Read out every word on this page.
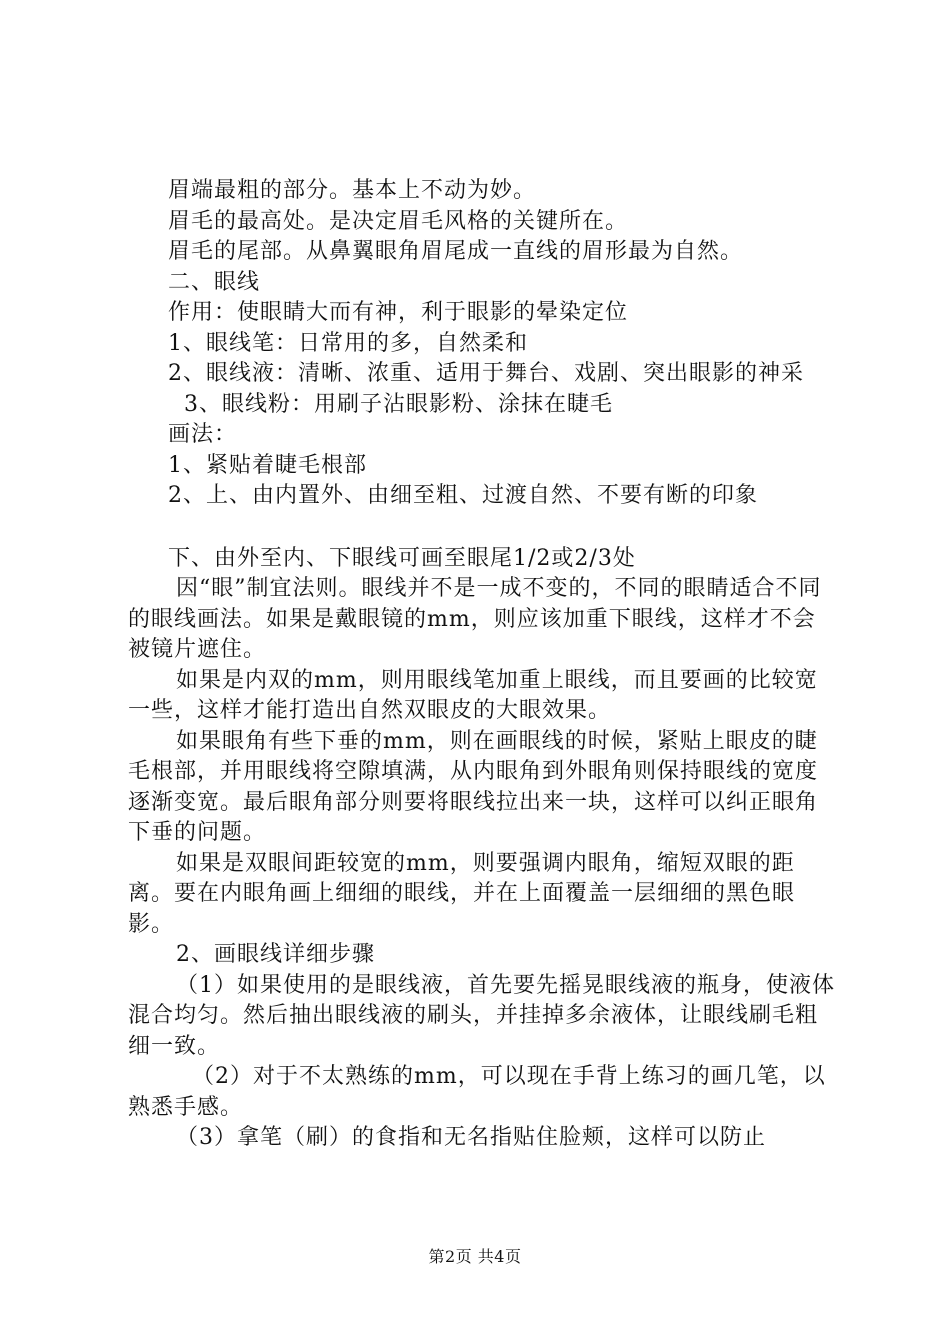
眉端最粗的部分。基本上不动为妙。

眉毛的最高处。是决定眉毛风格的关键所在。

眉毛的尾部。从鼻翼眼角眉尾成一直线的眉形最为自然。

二、眼线

作用：使眼睛大而有神，利于眼影的晕染定位

1、眼线笔：日常用的多，自然柔和

2、眼线液：清晰、浓重、适用于舞台、戏剧、突出眼影的神采

3、眼线粉：用刷子沾眼影粉、涂抹在睫毛

画法：

1、紧贴着睫毛根部

2、上、由内置外、由细至粗、过渡自然、不要有断的印象

下、由外至内、下眼线可画至眼尾1/2或2/3处

因“眼”制宜法则。眼线并不是一成不变的，不同的眼睛适合不同的眼线画法。如果是戴眼镜的mm，则应该加重下眼线，这样才不会被镜片遮住。

如果是内双的mm，则用眼线笔加重上眼线，而且要画的比较宽一些，这样才能打造出自然双眼皮的大眼效果。

如果眼角有些下垂的mm，则在画眼线的时候，紧贴上眼皮的睫毛根部，并用眼线将空隙填满，从内眼角到外眼角则保持眼线的宽度逐渐变宽。最后眼角部分则要将眼线拉出来一块，这样可以纠正眼角下垂的问题。

如果是双眼间距较宽的mm，则要强调内眼角，缩短双眼的距离。要在内眼角画上细细的眼线，并在上面覆盖一层细细的黑色眼影。

2、画眼线详细步骤

（1）如果使用的是眼线液，首先要先摇晃眼线液的瓶身，使液体混合均匀。然后抽出眼线液的刷头，并挂掉多余液体，让眼线刷毛粗细一致。

（2）对于不太熟练的mm，可以现在手背上练习的画几笔，以熟悉手感。

（3）拿笔（刷）的食指和无名指贴住脸颊，这样可以防止

第2页 共4页
